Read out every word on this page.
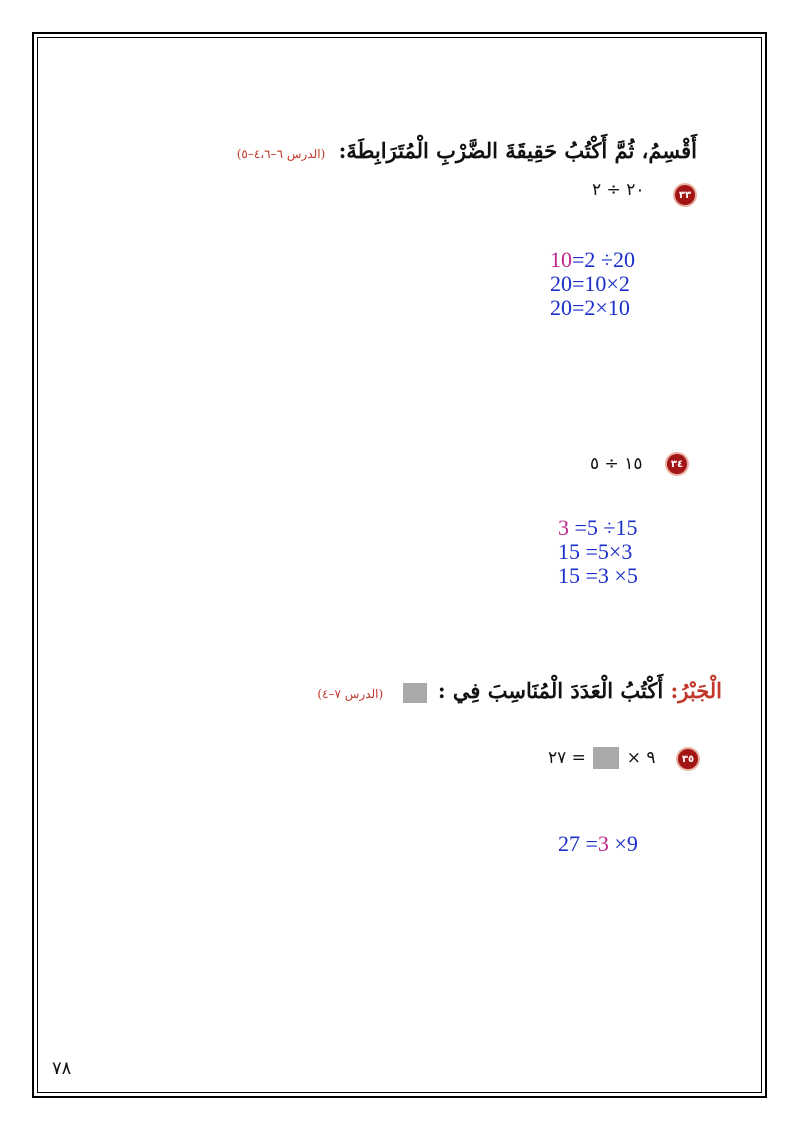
أَقْسِمُ، ثُمَّ أَكْتُبُ حَقِيقَةَ الضَّرْبِ الْمُتَرَابِطَةَ: (الدرس ٦–٤،٦–٥)
٣٣
٢٠ ÷ ٢
10=2 ÷20
20=10×2
20=2×10
٣٤
١٥ ÷ ٥
3 =5 ÷15
15 =5×3
15 =3 ×5
الْجَبْرُ: أَكْتُبُ الْعَدَدَ الْمُنَاسِبَ فِي :  (الدرس ٧–٤)
٣٥
٩ ×  = ٢٧
27 =3 ×9
٧٨
